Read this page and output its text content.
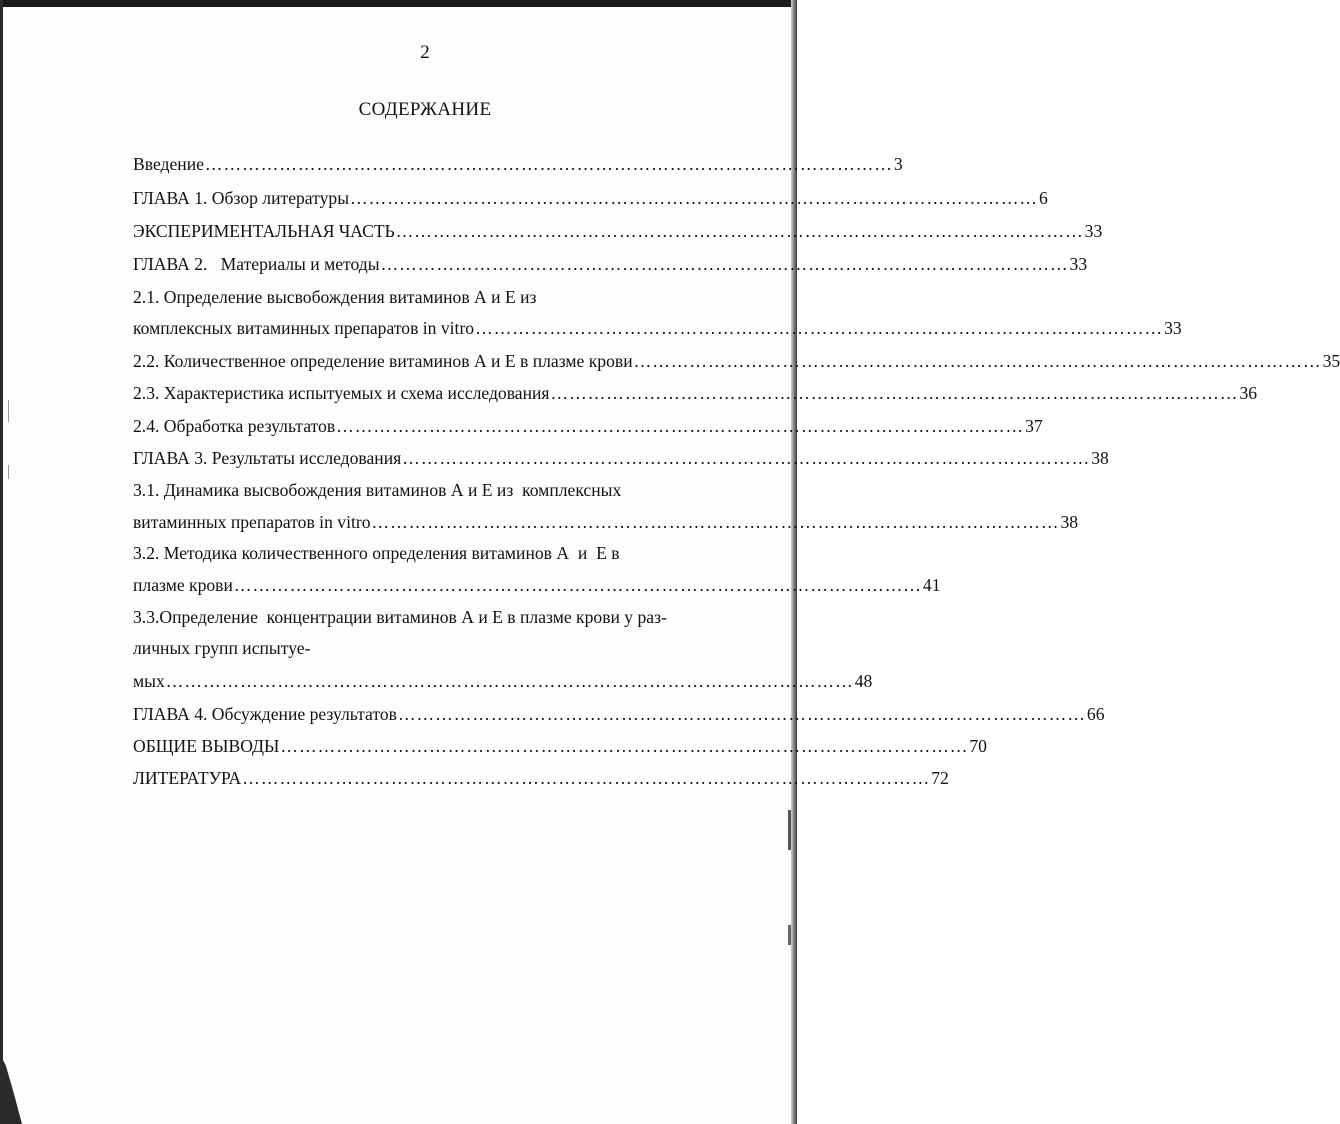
2
СОДЕРЖАНИЕ
Введение ………………………………………………………………………………………………… 3
ГЛАВА 1. Обзор литературы ………………………………………………………………………………………………… 6
ЭКСПЕРИМЕНТАЛЬНАЯ ЧАСТЬ ………………………………………………………………………………………………… 33
ГЛАВА 2.   Материалы и методы ………………………………………………………………………………………………… 33
2.1. Определение высвобождения витаминов А и Е из
комплексных витаминных препаратов in vitro ………………………………………………………………………………………………… 33
2.2. Количественное определение витаминов А и Е в плазме крови ………………………………………………………………………………………………… 35
2.3. Характеристика испытуемых и схема исследования ………………………………………………………………………………………………… 36
2.4. Обработка результатов ………………………………………………………………………………………………… 37
ГЛАВА 3. Результаты исследования ………………………………………………………………………………………………… 38
3.1. Динамика высвобождения витаминов А и Е из  комплексных
витаминных препаратов in vitro ………………………………………………………………………………………………… 38
3.2. Методика количественного определения витаминов А  и  Е в
плазме крови ………………………………………………………………………………………………… 41
3.3.Определение  концентрации витаминов А и Е в плазме крови у раз-
личных групп испытуе-
мых ………………………………………………………………………………………………… 48
ГЛАВА 4. Обсуждение результатов ………………………………………………………………………………………………… 66
ОБЩИЕ ВЫВОДЫ ………………………………………………………………………………………………… 70
ЛИТЕРАТУРА ………………………………………………………………………………………………… 72
